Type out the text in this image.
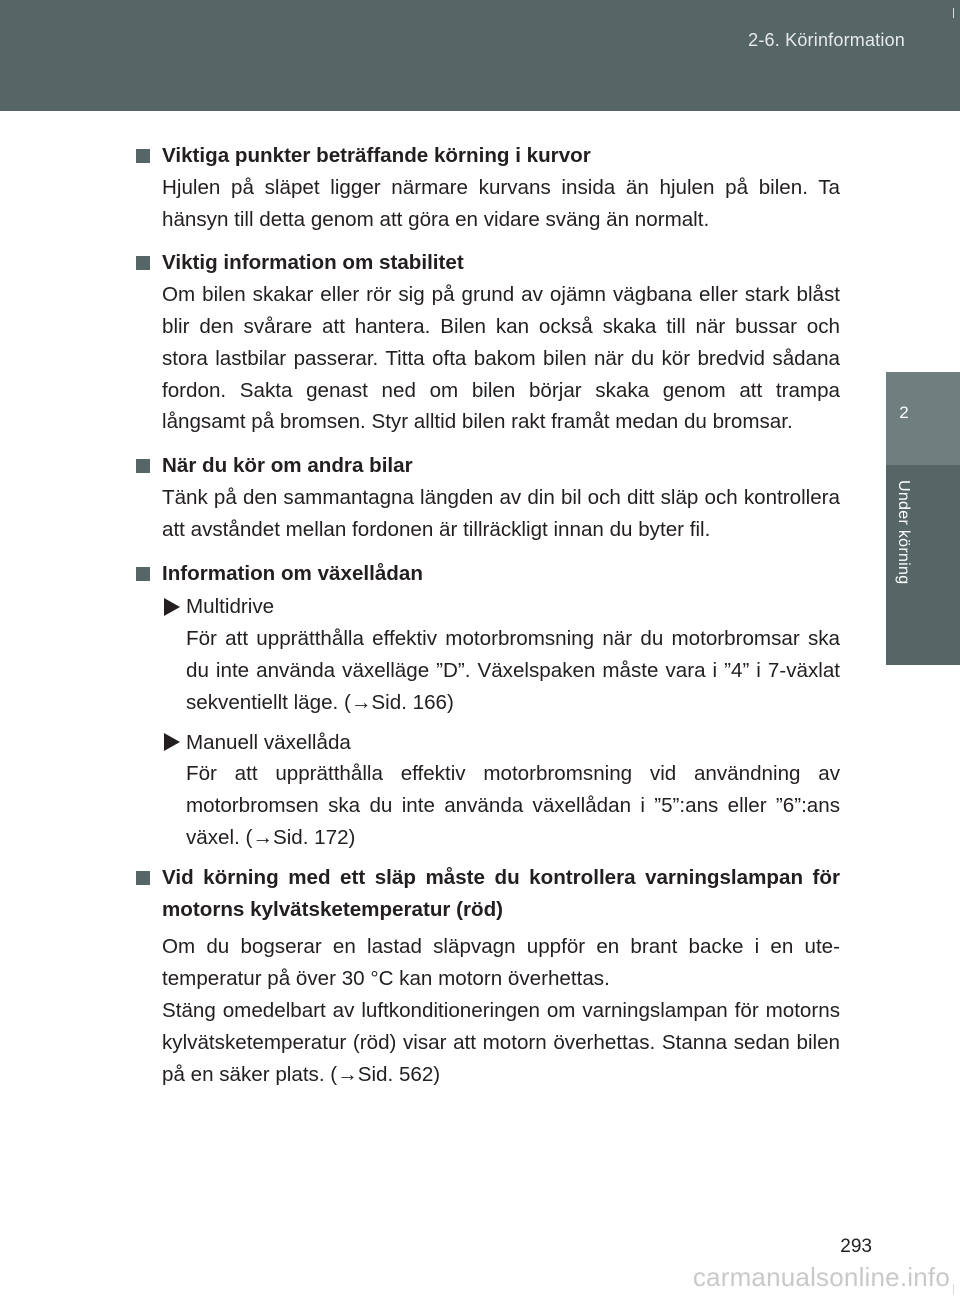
2-6. Körinformation
2
Under körning
Viktiga punkter beträffande körning i kurvor
Hjulen på släpet ligger närmare kurvans insida än hjulen på bilen. Ta hänsyn till detta genom att göra en vidare sväng än normalt.
Viktig information om stabilitet
Om bilen skakar eller rör sig på grund av ojämn vägbana eller stark blåst blir den svårare att hantera. Bilen kan också skaka till när bussar och stora lastbilar passerar. Titta ofta bakom bilen när du kör bredvid sådana fordon. Sakta genast ned om bilen börjar skaka genom att trampa långsamt på bromsen. Styr alltid bilen rakt framåt medan du bromsar.
När du kör om andra bilar
Tänk på den sammantagna längden av din bil och ditt släp och kontrollera att avståndet mellan fordonen är tillräckligt innan du byter fil.
Information om växellådan
Multidrive
För att upprätthålla effektiv motorbromsning när du motorbromsar ska du inte använda växelläge ”D”. Växelspaken måste vara i ”4” i 7-växlat sekventiellt läge. (→Sid. 166)
Manuell växellåda
För att upprätthålla effektiv motorbromsning vid användning av motorbromsen ska du inte använda växellådan i ”5”:ans eller ”6”:ans växel. (→Sid. 172)
Vid körning med ett släp måste du kontrollera varningslampan för motorns kylvätsketemperatur (röd)
Om du bogserar en lastad släpvagn uppför en brant backe i en ute-temperatur på över 30 °C kan motorn överhettas.
Stäng omedelbart av luftkonditioneringen om varningslampan för motorns kylvätsketemperatur (röd) visar att motorn överhettas. Stanna sedan bilen på en säker plats. (→Sid. 562)
293
carmanualsonline.info
